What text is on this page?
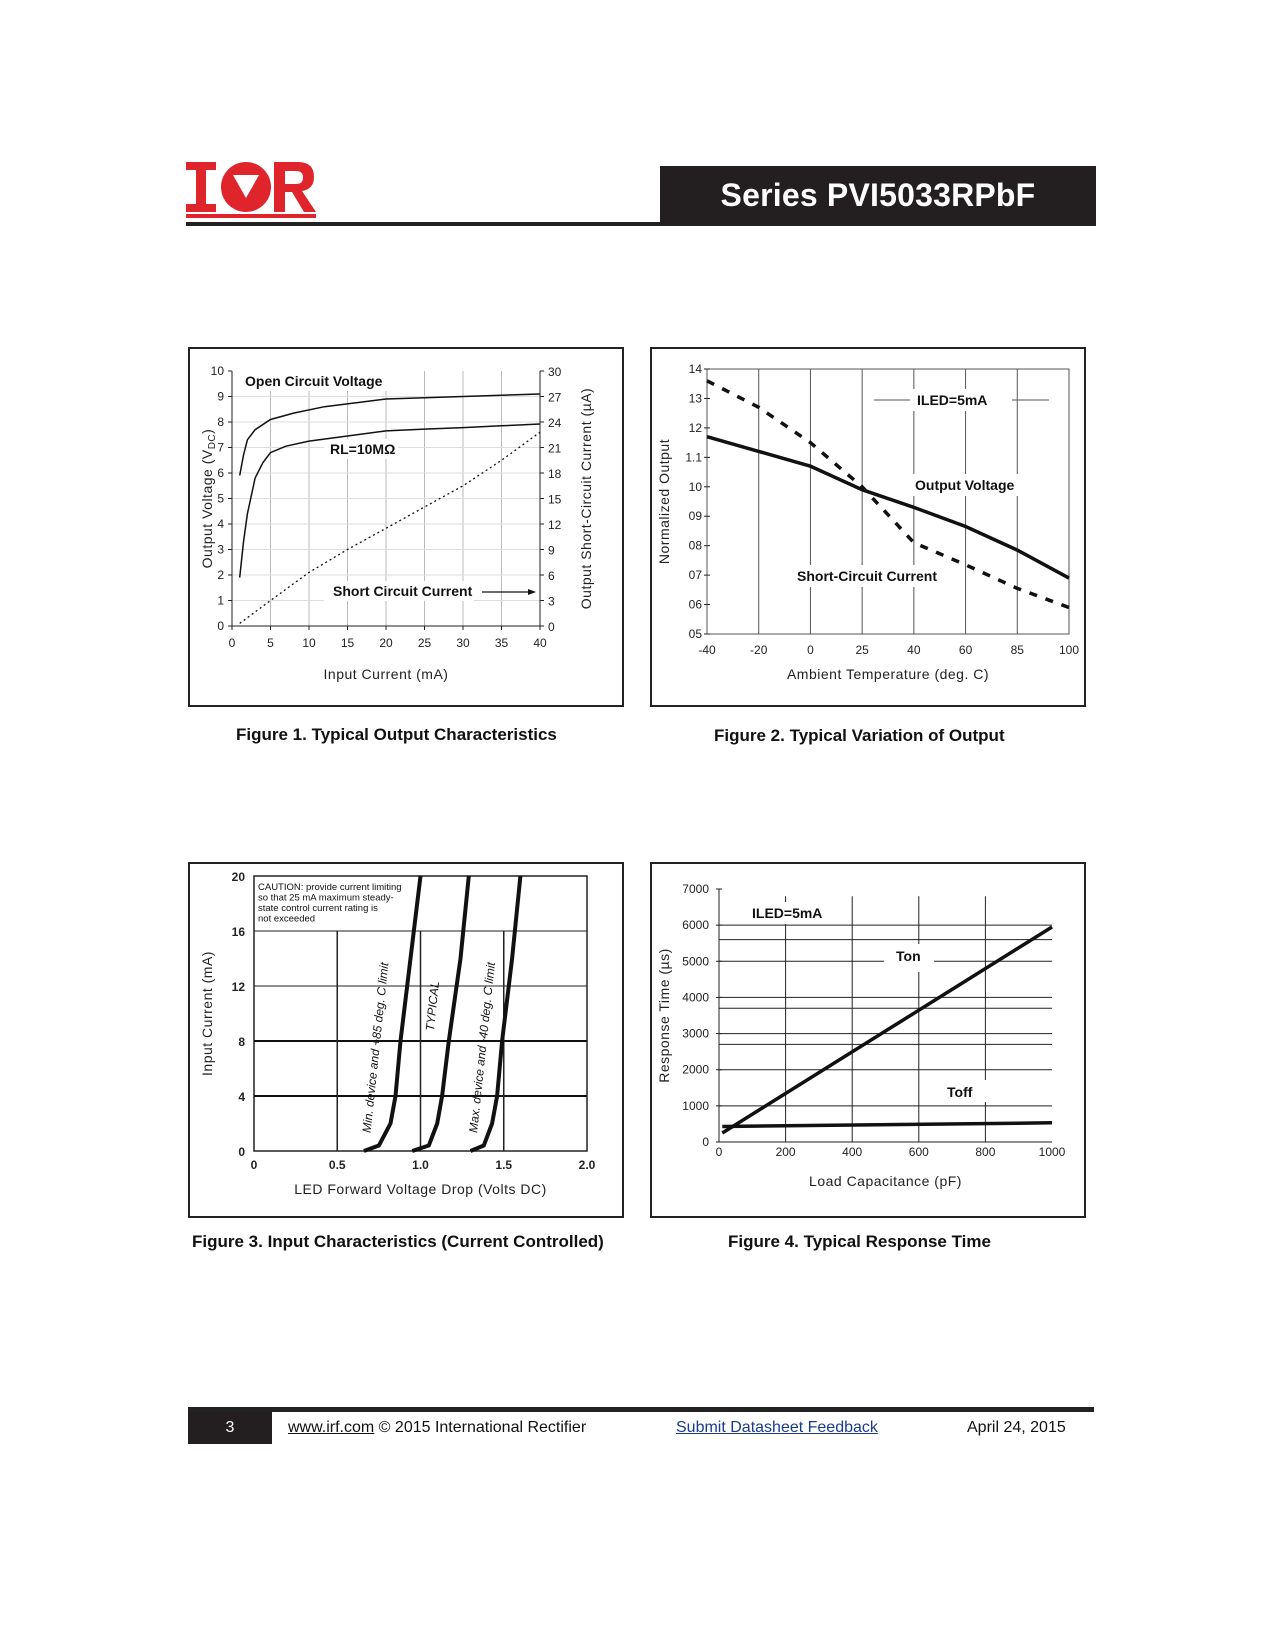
Series PVI5033RPbF
0
1
2
3
4
5
6
7
8
9
10
0
3
6
9
12
15
18
21
24
27
30
0	5 10 15 20 25 30 35 40
Input Current (mA)
Output Voltage $(V_{DC})$	Output Short-Circuit Current (µA)
Open Circuit Voltage
RL=10MΩ
Short Circuit Current
Figure 1. Typical Output Characteristics
05
06
07
08
09
10
1.1
12
13
14
-40	-20	0	25	40	60	85	100
Ambient Temperature (deg. C)
Normalized Output
ILED=5mA
Output Voltage
Short-Circuit Current
Figure 2. Typical Variation of Output
0
4
8
12
16
20
0	0.5	1.0	1.5	2.0
LED Forward Voltage Drop (Volts DC)
Input Current (mA)
CAUTION: provide current limiting
so that 25 mA maximum steady-
state control current rating is
not exceeded
Min. device and +85 deg. C limit	TYPICAL Max. device and -40 deg. C limit
Figure 3. Input Characteristics (Current Controlled)
0
1000
2000
3000
4000
5000
6000
7000
0	200	400	600	800	1000
Load Capacitance (pF)
Response Time (µs)
ILED=5mA
Ton
Toff
Figure 4. Typical Response Time
3	www.irf.com © 2015 International Rectifier	Submit Datasheet Feedback	April 24, 2015
